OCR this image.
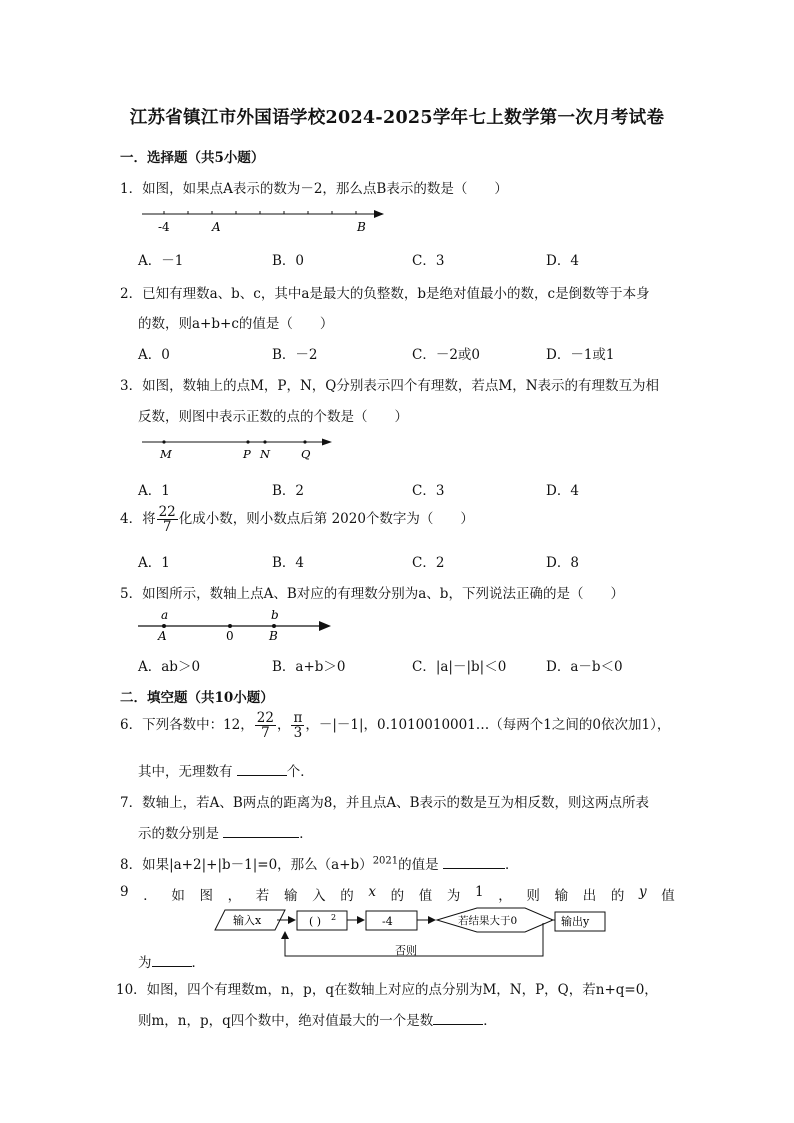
江苏省镇江市外国语学校2024-2025学年七上数学第一次月考试卷
一．选择题（共5小题）
1．如图，如果点A表示的数为－2，那么点B表示的数是（　　）
-4	A	B
A．－1	B．0	C．3	D．4
2．已知有理数a、b、c，其中a是最大的负整数，b是绝对值最小的数，c是倒数等于本身
的数，则a+b+c的值是（　　）
A．0	B．－2	C．－2或0	D．－1或1
3．如图，数轴上的点M，P，N，Q分别表示四个有理数，若点M，N表示的有理数互为相
反数，则图中表示正数的点的个数是（　　）
M	P N	Q
A．1	B．2	C．3	D．4
4．将 $\frac{22}{7}$ 化成小数，则小数点后第 2020个数字为（　　）
A．1	B．4	C．2	D．8
5．如图所示，数轴上点A、B对应的有理数分别为a、b，下列说法正确的是（　　）
a	b
A	0	B
A．ab＞0	B．a+b＞0	C．|a|－|b|＜0	D．a－b＜0
二．填空题（共10小题）
6．下列各数中：12， $\frac{22}{7}$ ， $\frac{\pi}{3}$ ，－|－1|，0.1010010001…（每两个1之间的0依次加1），
其中，无理数有	个．
7．数轴上，若A、B两点的距离为8，并且点A、B表示的数是互为相反数，则这两点所表
示的数分别是	．
8．如果|a+2|+|b－1|=0，那么$(a+b)^{2021}$的值是	．
9 ． 如 图 ， 若 输 入 的 x 的 值 为 1 ， 则 输 出 的 y 值
输入x	( ) 2	-4	若结果大于0	输出y
否则
为	．
10．如图，四个有理数m，n，p，q在数轴上对应的点分别为M，N，P，Q，若n+q=0，
则m，n，p，q四个数中，绝对值最大的一个是数	．
